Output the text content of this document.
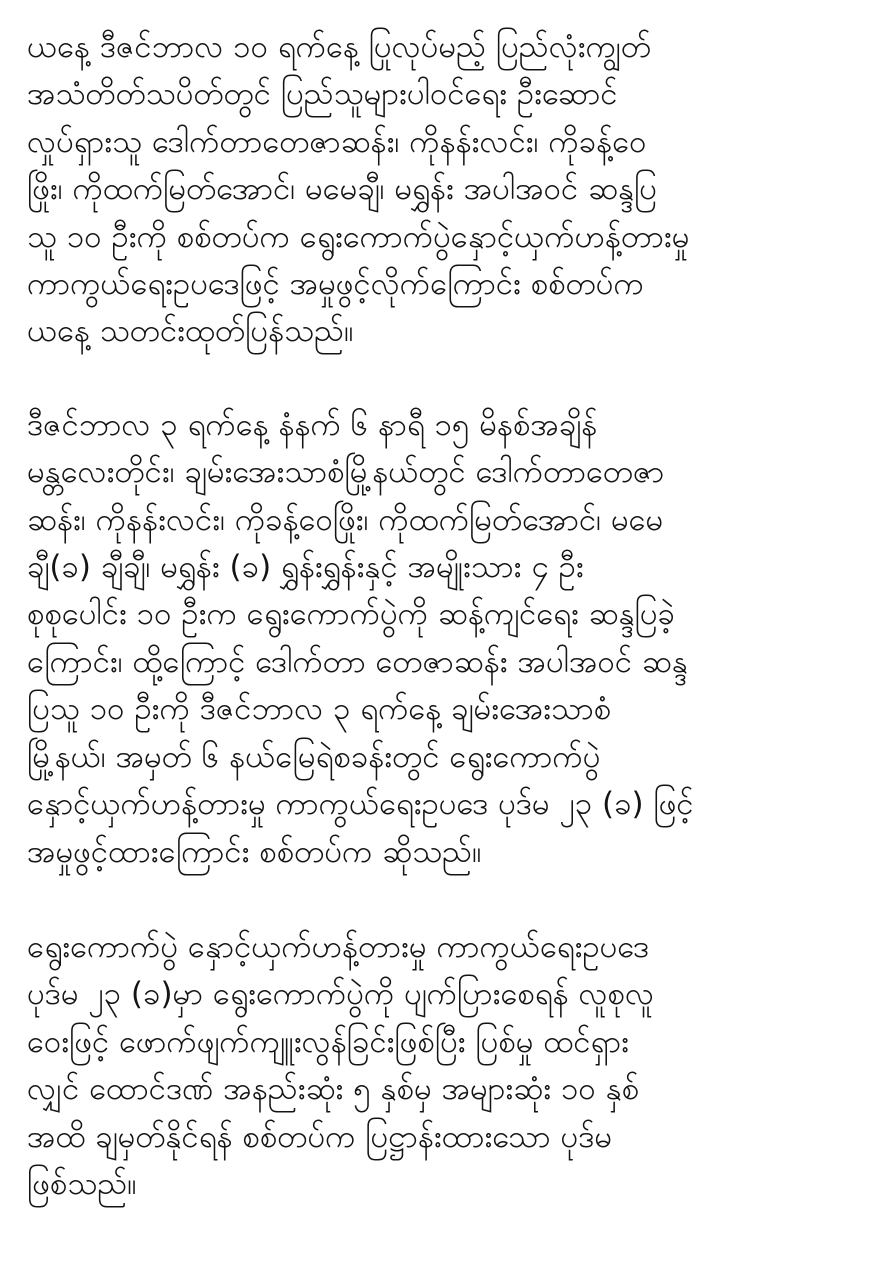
ယနေ့ ဒီဇင်ဘာလ ၁၀ ရက်နေ့ ပြုလုပ်မည့် ပြည်လုံးကျွတ်
အသံတိတ်သပိတ်တွင် ပြည်သူများပါဝင်ရေး ဦးဆောင်
လှုပ်ရှားသူ ဒေါက်တာတေဇာဆန်း၊ ကိုနန်းလင်း၊ ကိုခန့်ဝေ
ဖြိုး၊ ကိုထက်မြတ်အောင်၊ မမေချီ၊ မရွှန်း အပါအဝင် ဆန္ဒပြ
သူ ၁၀ ဦးကို စစ်တပ်က ရွေးကောက်ပွဲနှောင့်ယှက်ဟန့်တားမှု
ကာကွယ်ရေးဥပဒေဖြင့် အမှုဖွင့်လိုက်ကြောင်း စစ်တပ်က
ယနေ့ သတင်းထုတ်ပြန်သည်။

ဒီဇင်ဘာလ ၃ ရက်နေ့ နံနက် ၆ နာရီ ၁၅ မိနစ်အချိန်
မန္တလေးတိုင်း၊ ချမ်းအေးသာစံမြို့နယ်တွင် ဒေါက်တာတေဇာ
ဆန်း၊ ကိုနန်းလင်း၊ ကိုခန့်ဝေဖြိုး၊ ကိုထက်မြတ်အောင်၊ မမေ
ချီ(ခ) ချီချီ၊ မရွှန်း (ခ) ရွှန်းရွှန်းနှင့် အမျိုးသား ၄ ဦး
စုစုပေါင်း ၁၀ ဦးက ရွေးကောက်ပွဲကို ဆန့်ကျင်ရေး ဆန္ဒပြခဲ့
ကြောင်း၊ ထို့ကြောင့် ဒေါက်တာ တေဇာဆန်း အပါအဝင် ဆန္ဒ
ပြသူ ၁၀ ဦးကို ဒီဇင်ဘာလ ၃ ရက်နေ့ ချမ်းအေးသာစံ
မြို့နယ်၊ အမှတ် ၆ နယ်မြေရဲစခန်းတွင် ရွေးကောက်ပွဲ
နှောင့်ယှက်ဟန့်တားမှု ကာကွယ်ရေးဥပဒေ ပုဒ်မ ၂၃ (ခ) ဖြင့်
အမှုဖွင့်ထားကြောင်း စစ်တပ်က ဆိုသည်။

ရွေးကောက်ပွဲ နှောင့်ယှက်ဟန့်တားမှု ကာကွယ်ရေးဥပဒေ
ပုဒ်မ ၂၃ (ခ)မှာ ရွေးကောက်ပွဲကို ပျက်ပြားစေရန် လူစုလူ
ဝေးဖြင့် ဖောက်ဖျက်ကျူးလွန်ခြင်းဖြစ်ပြီး ပြစ်မှု ထင်ရှား
လျှင် ထောင်ဒဏ် အနည်းဆုံး ၅ နှစ်မှ အများဆုံး ၁၀ နှစ်
အထိ ချမှတ်နိုင်ရန် စစ်တပ်က ပြဋ္ဌာန်းထားသော ပုဒ်မ
ဖြစ်သည်။
